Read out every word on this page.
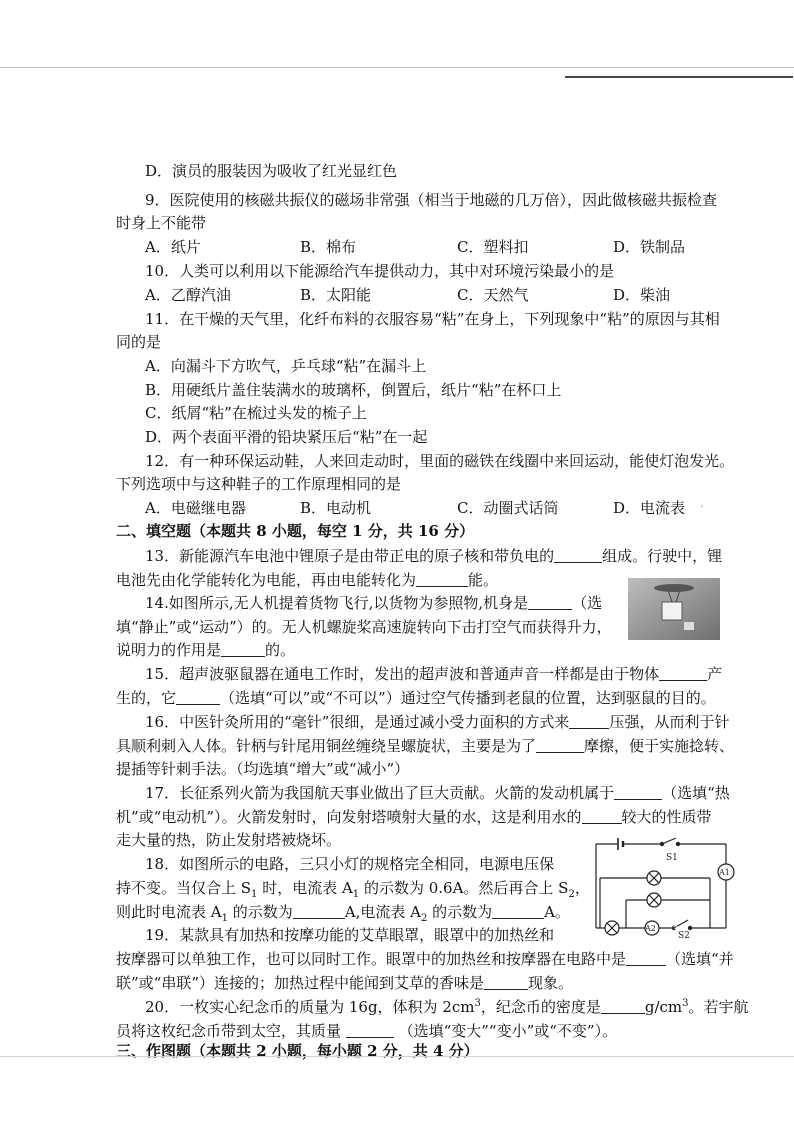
·
D．演员的服装因为吸收了红光显红色
9．医院使用的核磁共振仪的磁场非常强（相当于地磁的几万倍），因此做核磁共振检查
时身上不能带
A．纸片	B．棉布	C．塑料扣	D．铁制品
10．人类可以利用以下能源给汽车提供动力，其中对环境污染最小的是
A．乙醇汽油	B．太阳能	C．天然气	D．柴油
11．在干燥的天气里，化纤布料的衣服容易“粘”在身上，下列现象中“粘”的原因与其相
同的是
A．向漏斗下方吹气，乒乓球“粘”在漏斗上
B．用硬纸片盖住装满水的玻璃杯，倒置后，纸片“粘”在杯口上
C．纸屑“粘”在梳过头发的梳子上
D．两个表面平滑的铅块紧压后“粘”在一起
12．有一种环保运动鞋，人来回走动时，里面的磁铁在线圈中来回运动，能使灯泡发光。
下列选项中与这种鞋子的工作原理相同的是
A．电磁继电器	B．电动机	C．动圈式话筒	D．电流表
二、填空题（本题共 8 小题，每空 1 分，共 16 分）
13．新能源汽车电池中锂原子是由带正电的原子核和带负电的	组成。行驶中，锂
电池先由化学能转化为电能，再由电能转化为	能。
14.如图所示,无人机提着货物飞行,以货物为参照物,机身是	（选
填“静止”或“运动”）的。无人机螺旋桨高速旋转向下击打空气而获得升力，
说明力的作用是	的。
15．超声波驱鼠器在通电工作时，发出的超声波和普通声音一样都是由于物体	产
生的，它	（选填“可以”或“不可以”）通过空气传播到老鼠的位置，达到驱鼠的目的。
16．中医针灸所用的“毫针”很细，是通过减小受力面积的方式来	压强，从而利于针
具顺利刺入人体。针柄与针尾用铜丝缠绕呈螺旋状，主要是为了	摩擦，便于实施捻转、
提插等针刺手法。（均选填“增大”或“减小”）
17．长征系列火箭为我国航天事业做出了巨大贡献。火箭的发动机属于	（选填“热
机”或“电动机”）。火箭发射时，向发射塔喷射大量的水，这是利用水的	较大的性质带
走大量的热，防止发射塔被烧坏。
18．如图所示的电路，三只小灯的规格完全相同，电源电压保
持不变。当仅合上 $S_1$ 时，电流表 $A_1$ 的示数为 0.6A。然后再合上 $S_2$，
则此时电流表 $A_1$ 的示数为	A,电流表 $A_2$ 的示数为	A。
S1
A1
A2
S2
19．某款具有加热和按摩功能的艾草眼罩，眼罩中的加热丝和
按摩器可以单独工作，也可以同时工作。眼罩中的加热丝和按摩器在电路中是	（选填“并
联”或“串联”）连接的；加热过程中能闻到艾草的香味是	现象。
20．一枚实心纪念币的质量为 16g，体积为 $2cm^3$，纪念币的密度是	$g/cm^3$。若宇航
员将这枚纪念币带到太空，其质量	（选填“变大”“变小”或“不变”）。
三、作图题（本题共 2 小题，每小题 2 分，共 4 分）
